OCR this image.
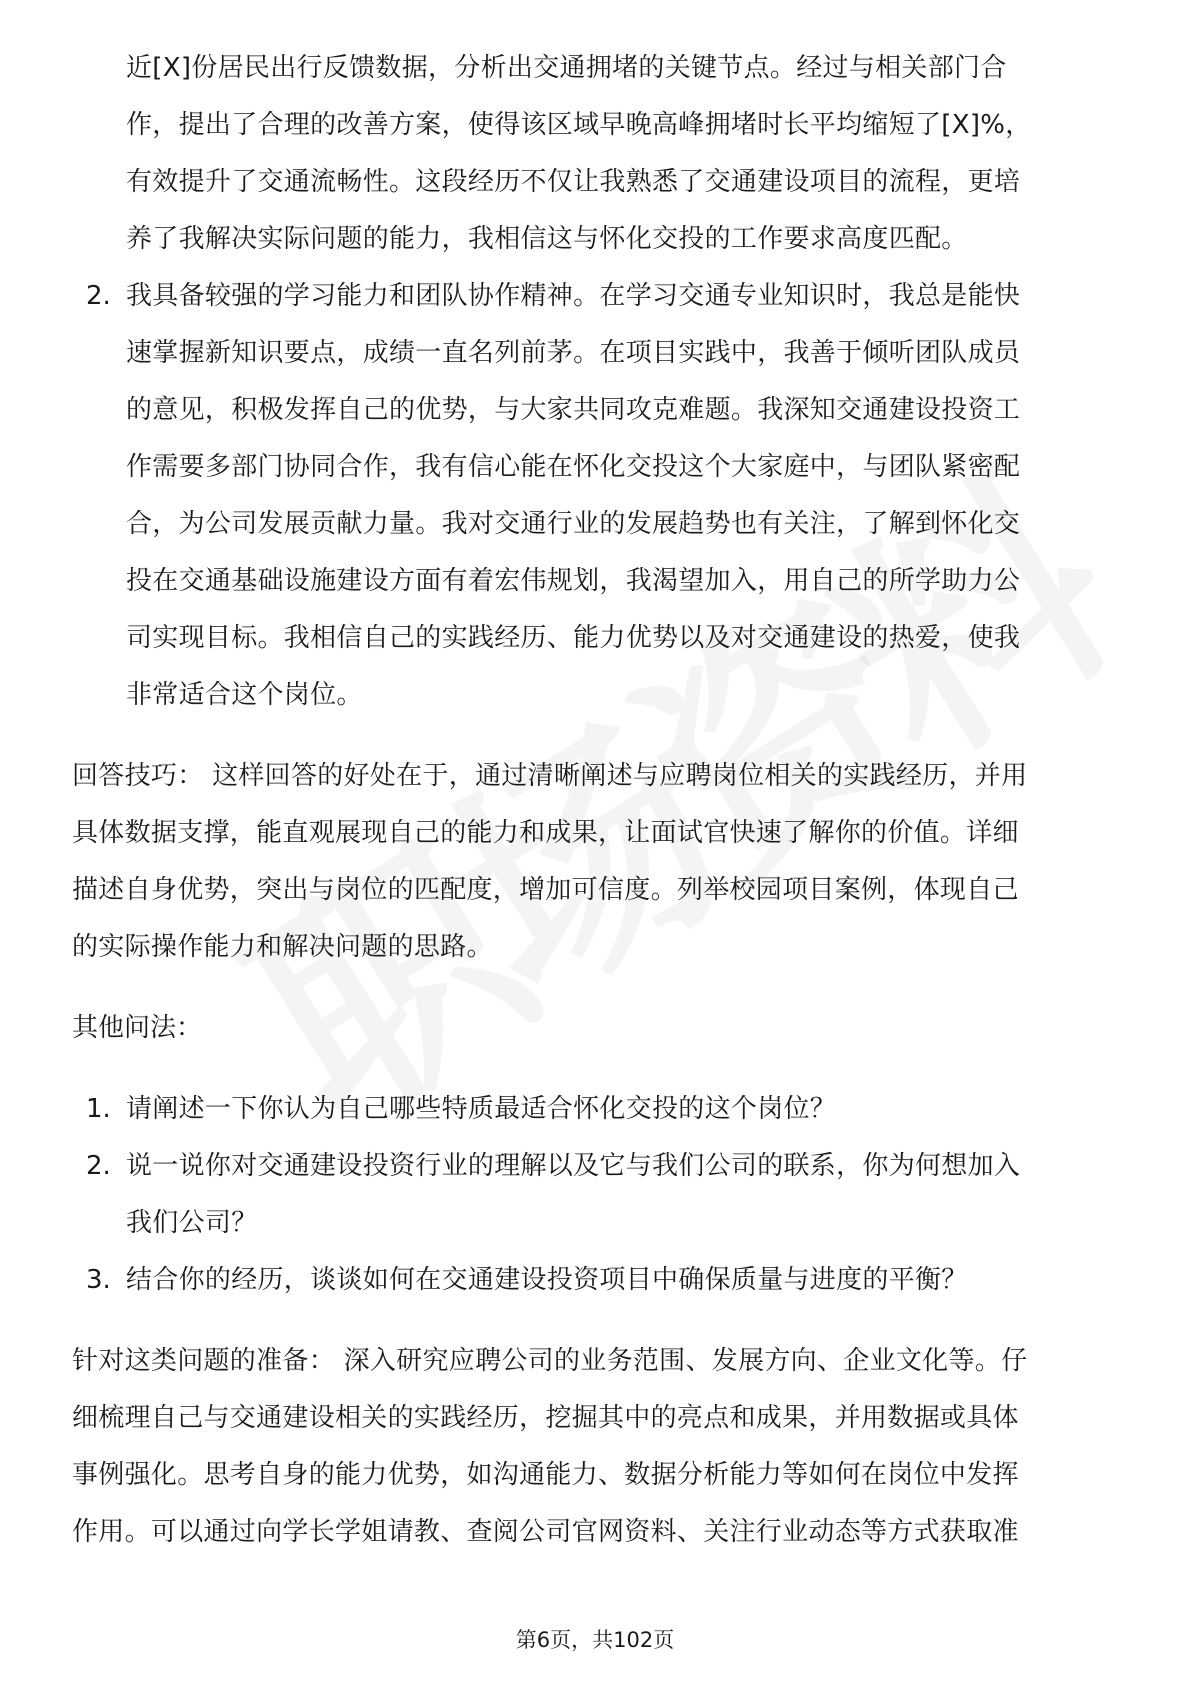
近[X]份居民出行反馈数据，分析出交通拥堵的关键节点。经过与相关部门合
作，提出了合理的改善方案，使得该区域早晚高峰拥堵时长平均缩短了[X]%，
有效提升了交通流畅性。这段经历不仅让我熟悉了交通建设项目的流程，更培
养了我解决实际问题的能力，我相信这与怀化交投的工作要求高度匹配。
2. 我具备较强的学习能力和团队协作精神。在学习交通专业知识时，我总是能快
速掌握新知识要点，成绩一直名列前茅。在项目实践中，我善于倾听团队成员
的意见，积极发挥自己的优势，与大家共同攻克难题。我深知交通建设投资工
作需要多部门协同合作，我有信心能在怀化交投这个大家庭中，与团队紧密配
合，为公司发展贡献力量。我对交通行业的发展趋势也有关注，了解到怀化交
投在交通基础设施建设方面有着宏伟规划，我渴望加入，用自己的所学助力公
司实现目标。我相信自己的实践经历、能力优势以及对交通建设的热爱，使我
非常适合这个岗位。
回答技巧： 这样回答的好处在于，通过清晰阐述与应聘岗位相关的实践经历，并用
具体数据支撑，能直观展现自己的能力和成果，让面试官快速了解你的价值。详细
描述自身优势，突出与岗位的匹配度，增加可信度。列举校园项目案例，体现自己
的实际操作能力和解决问题的思路。
其他问法：
1. 请阐述一下你认为自己哪些特质最适合怀化交投的这个岗位？
2. 说一说你对交通建设投资行业的理解以及它与我们公司的联系，你为何想加入
我们公司？
3. 结合你的经历，谈谈如何在交通建设投资项目中确保质量与进度的平衡？
针对这类问题的准备： 深入研究应聘公司的业务范围、发展方向、企业文化等。仔
细梳理自己与交通建设相关的实践经历，挖掘其中的亮点和成果，并用数据或具体
事例强化。思考自身的能力优势，如沟通能力、数据分析能力等如何在岗位中发挥
作用。可以通过向学长学姐请教、查阅公司官网资料、关注行业动态等方式获取准
第6页，共102页
